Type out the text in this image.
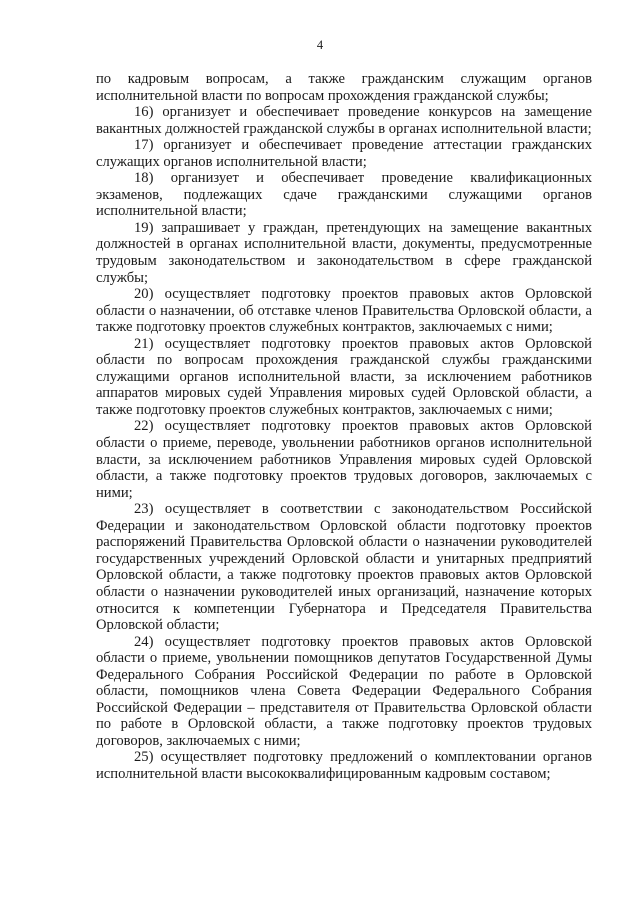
4

по кадровым вопросам, а также гражданским служащим органов исполнительной власти по вопросам прохождения гражданской службы;

16) организует и обеспечивает проведение конкурсов на замещение вакантных должностей гражданской службы в органах исполнительной власти;

17) организует и обеспечивает проведение аттестации гражданских служащих органов исполнительной власти;

18) организует и обеспечивает проведение квалификационных экзаменов, подлежащих сдаче гражданскими служащими органов исполнительной власти;

19) запрашивает у граждан, претендующих на замещение вакантных должностей в органах исполнительной власти, документы, предусмотренные трудовым законодательством и законодательством в сфере гражданской службы;

20) осуществляет подготовку проектов правовых актов Орловской области о назначении, об отставке членов Правительства Орловской области, а также подготовку проектов служебных контрактов, заключаемых с ними;

21) осуществляет подготовку проектов правовых актов Орловской области по вопросам прохождения гражданской службы гражданскими служащими органов исполнительной власти, за исключением работников аппаратов мировых судей Управления мировых судей Орловской области, а также подготовку проектов служебных контрактов, заключаемых с ними;

22) осуществляет подготовку проектов правовых актов Орловской области о приеме, переводе, увольнении работников органов исполнительной власти, за исключением работников Управления мировых судей Орловской области, а также подготовку проектов трудовых договоров, заключаемых с ними;

23) осуществляет в соответствии с законодательством Российской Федерации и законодательством Орловской области подготовку проектов распоряжений Правительства Орловской области о назначении руководителей государственных учреждений Орловской области и унитарных предприятий Орловской области, а также подготовку проектов правовых актов Орловской области о назначении руководителей иных организаций, назначение которых относится к компетенции Губернатора и Председателя Правительства Орловской области;

24) осуществляет подготовку проектов правовых актов Орловской области о приеме, увольнении помощников депутатов Государственной Думы Федерального Собрания Российской Федерации по работе в Орловской области, помощников члена Совета Федерации Федерального Собрания Российской Федерации – представителя от Правительства Орловской области по работе в Орловской области, а также подготовку проектов трудовых договоров, заключаемых с ними;

25) осуществляет подготовку предложений о комплектовании органов исполнительной власти высококвалифицированным кадровым составом;
